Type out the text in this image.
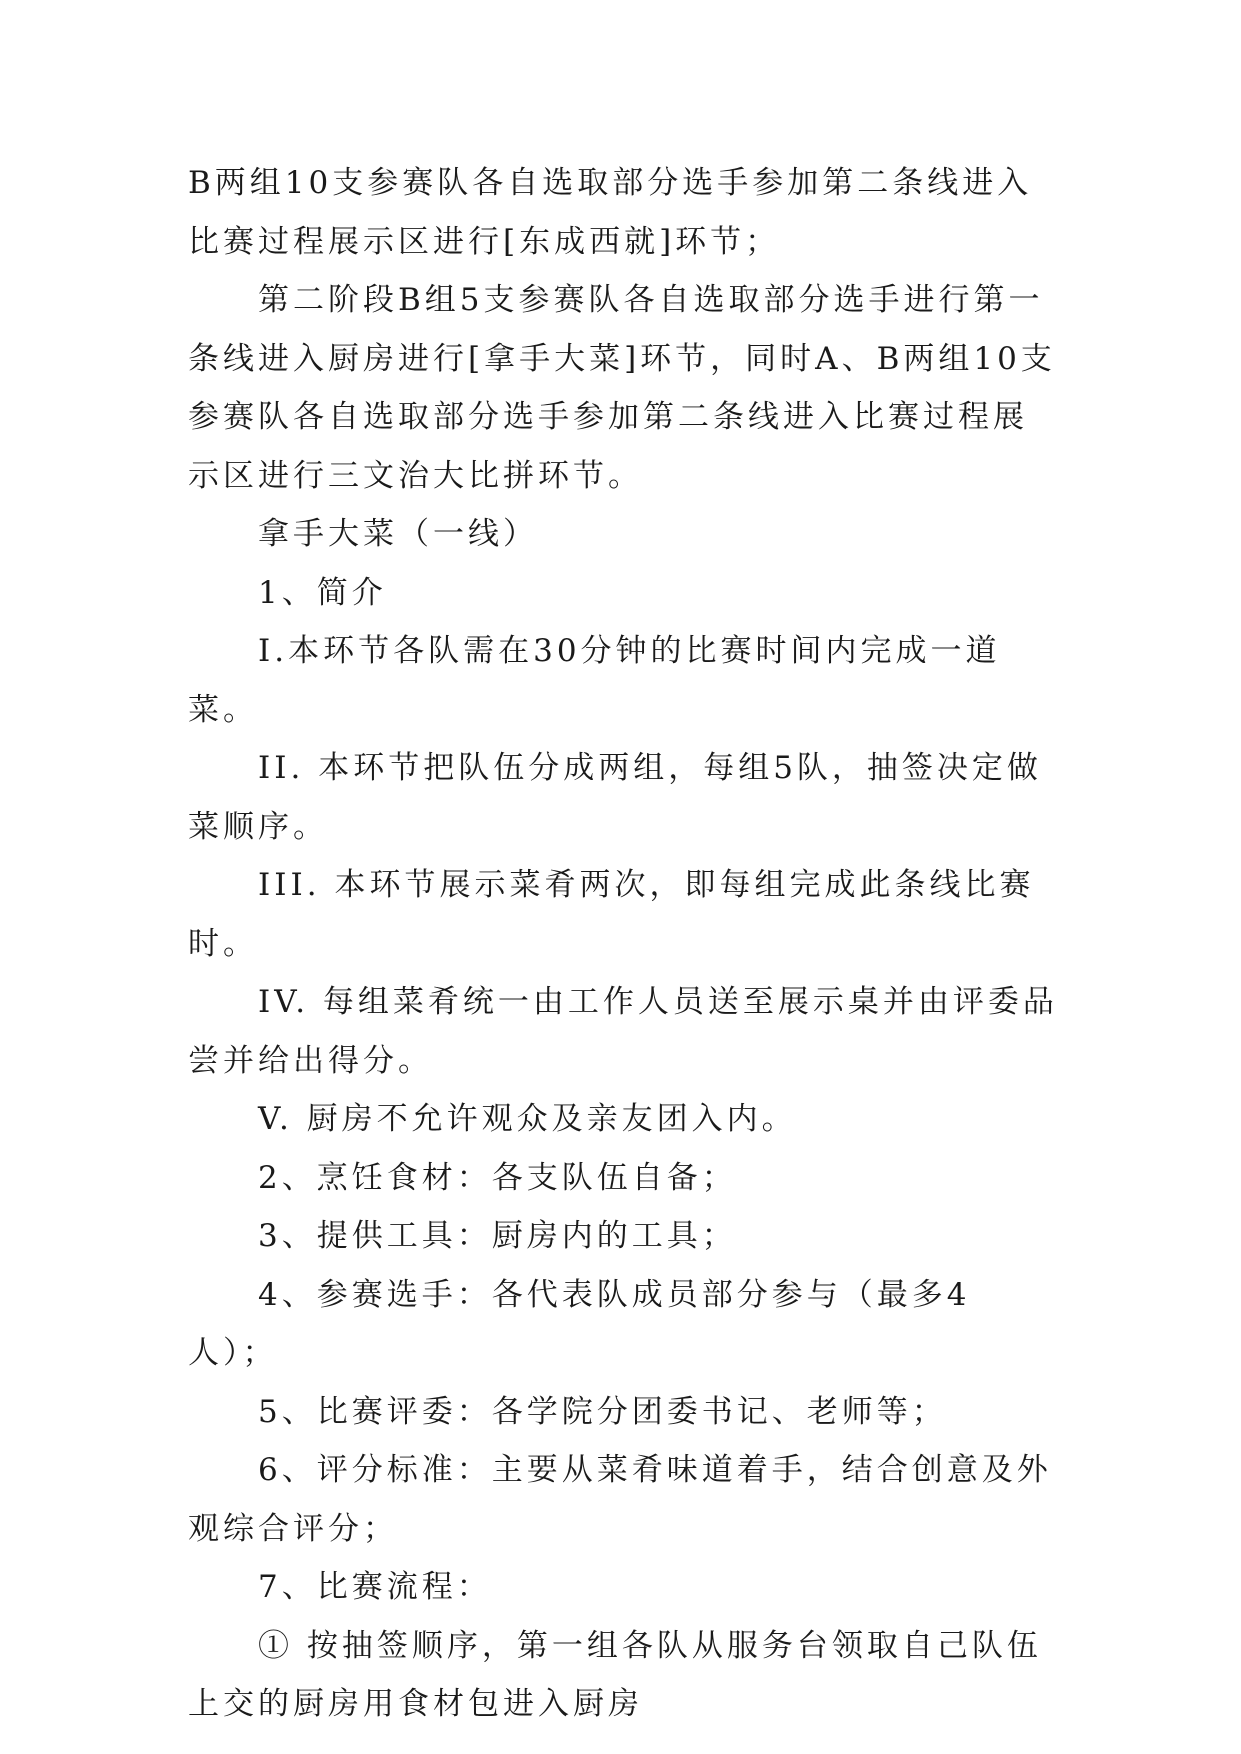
B两组10支参赛队各自选取部分选手参加第二条线进入比赛过程展示区进行[东成西就]环节；

第二阶段B组5支参赛队各自选取部分选手进行第一条线进入厨房进行[拿手大菜]环节，同时A、B两组10支参赛队各自选取部分选手参加第二条线进入比赛过程展示区进行三文治大比拼环节。

拿手大菜（一线）

1、简介

I.本环节各队需在30分钟的比赛时间内完成一道菜。

II. 本环节把队伍分成两组，每组5队，抽签决定做菜顺序。

III. 本环节展示菜肴两次，即每组完成此条线比赛时。

IV. 每组菜肴统一由工作人员送至展示桌并由评委品尝并给出得分。

V. 厨房不允许观众及亲友团入内。

2、烹饪食材：各支队伍自备；

3、提供工具：厨房内的工具；

4、参赛选手：各代表队成员部分参与（最多4人）；

5、比赛评委：各学院分团委书记、老师等；

6、评分标准：主要从菜肴味道着手，结合创意及外观综合评分；

7、比赛流程：

① 按抽签顺序，第一组各队从服务台领取自己队伍上交的厨房用食材包进入厨房
